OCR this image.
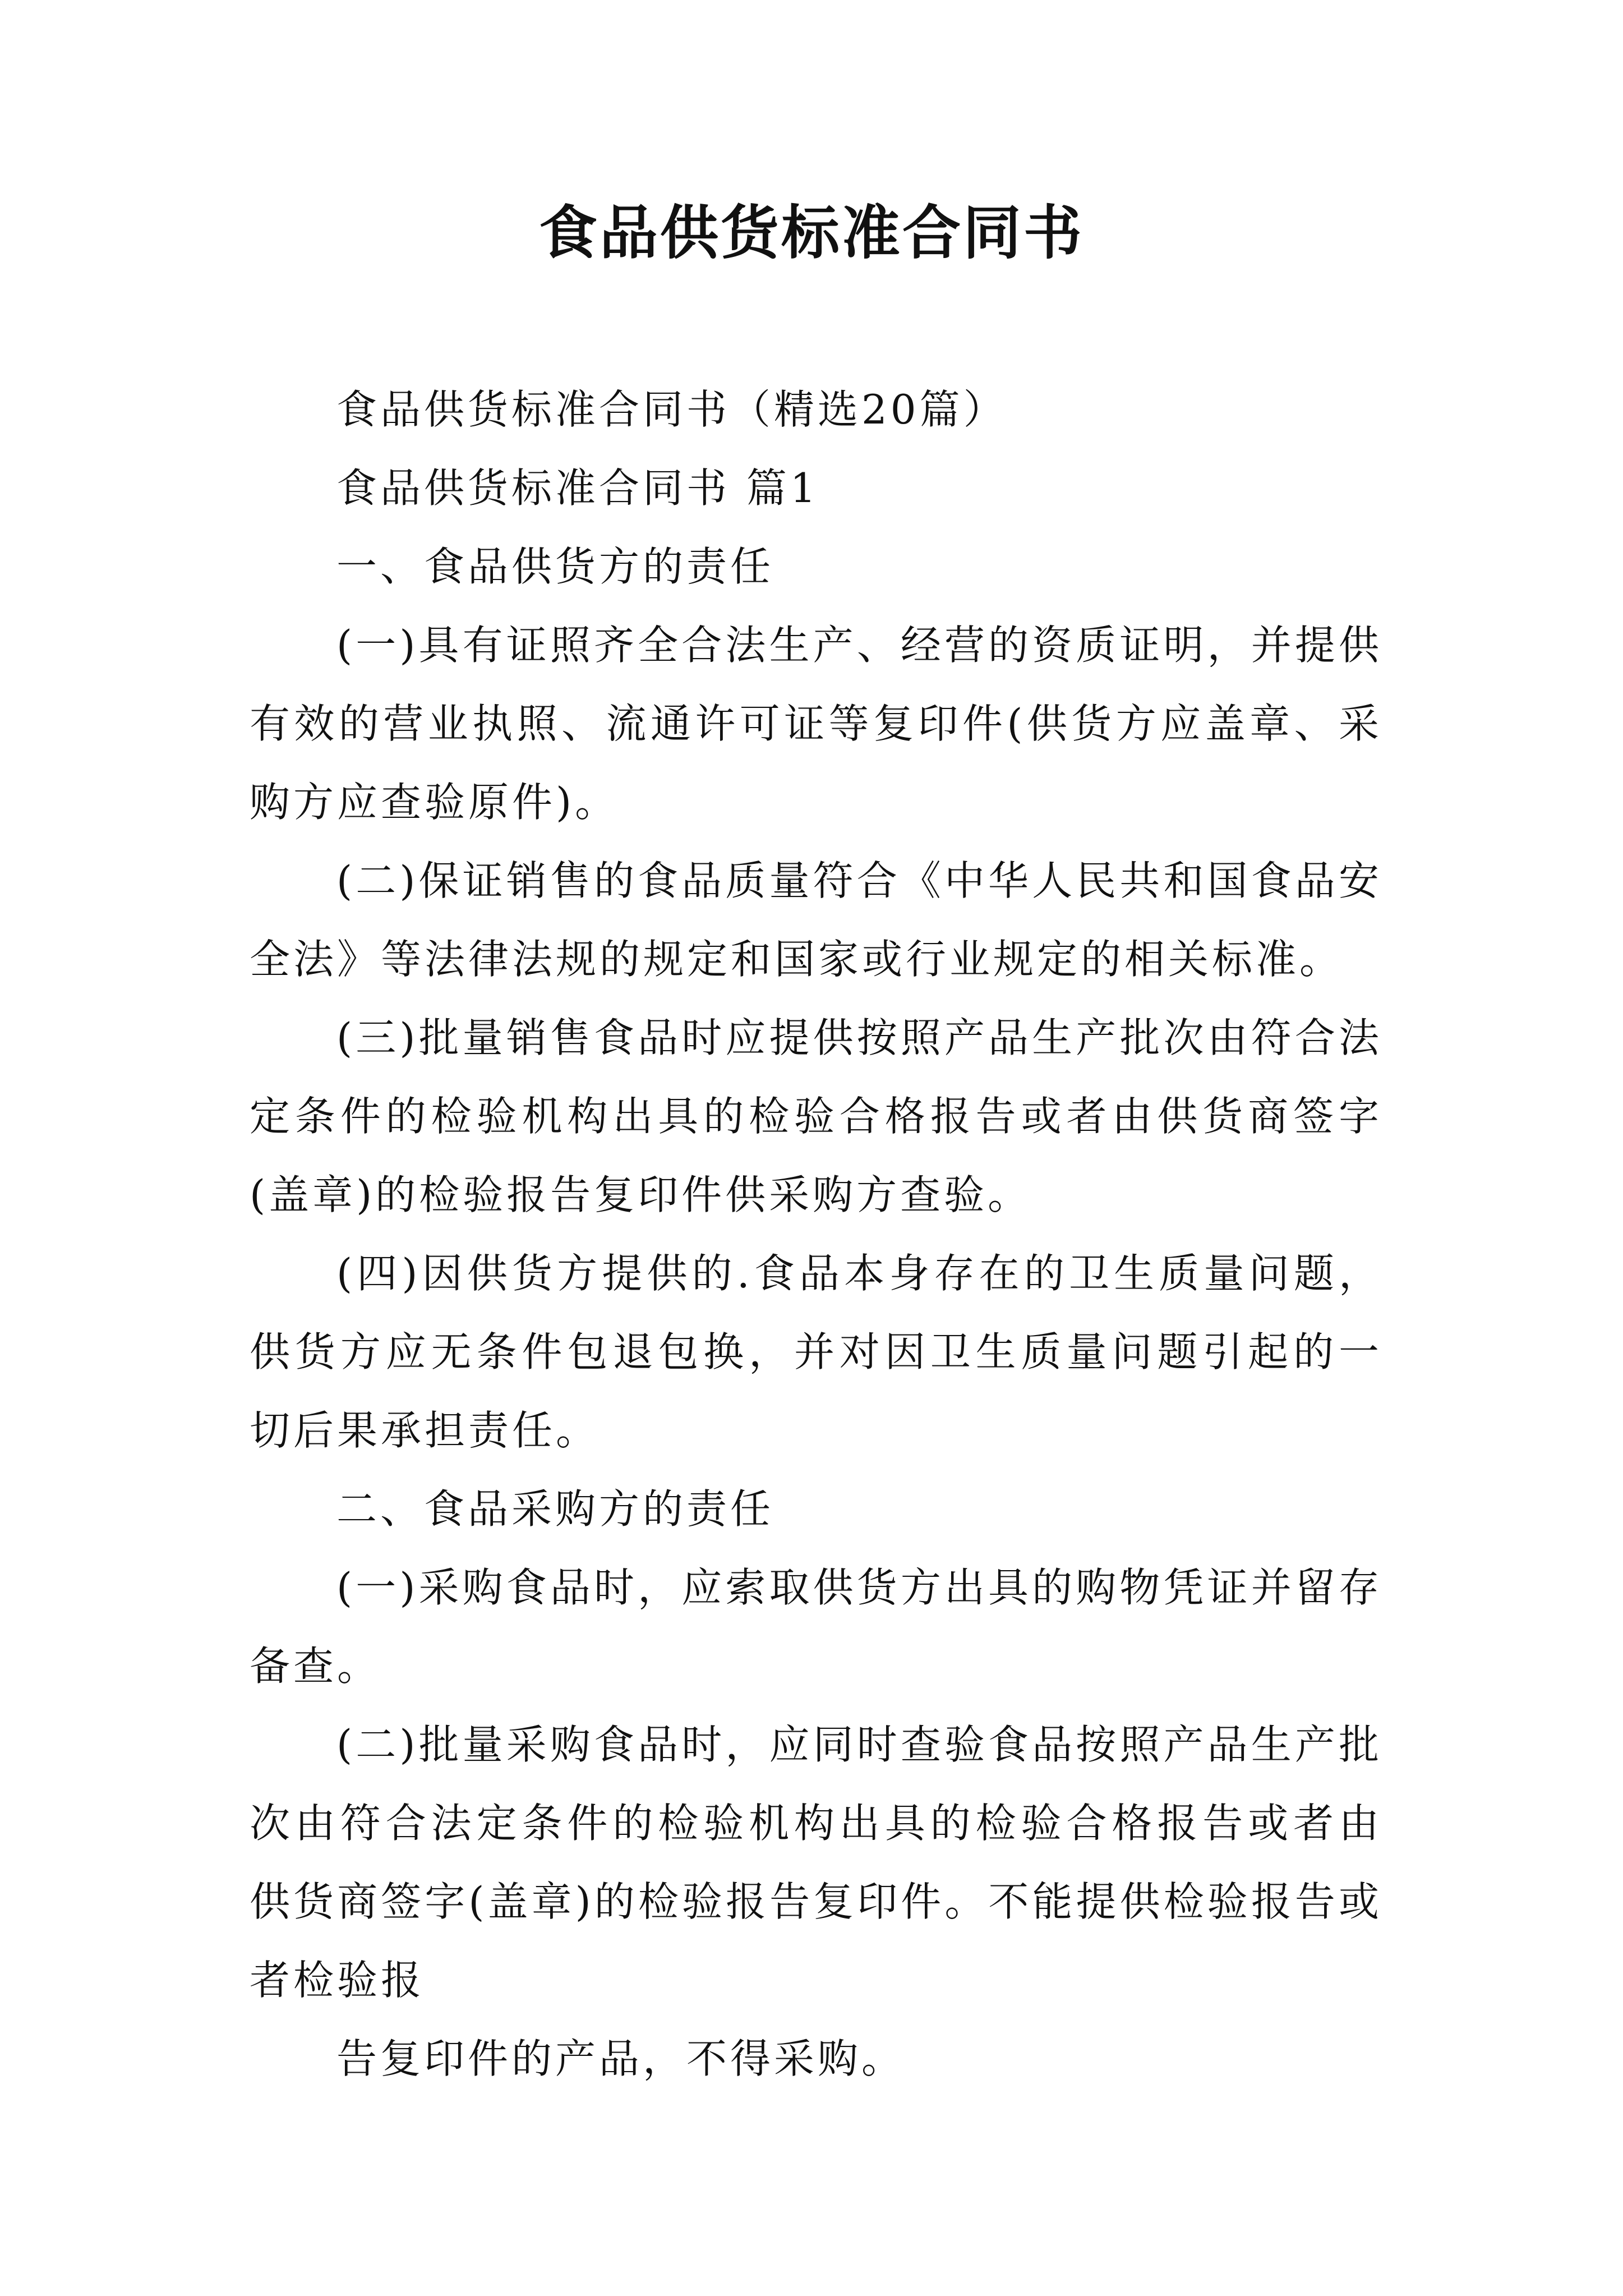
食品供货标准合同书

食品供货标准合同书（精选20篇）

食品供货标准合同书 篇1

一、食品供货方的责任

(一)具有证照齐全合法生产、经营的资质证明，并提供有效的营业执照、流通许可证等复印件(供货方应盖章、采购方应查验原件)。

(二)保证销售的食品质量符合《中华人民共和国食品安全法》等法律法规的规定和国家或行业规定的相关标准。

(三)批量销售食品时应提供按照产品生产批次由符合法定条件的检验机构出具的检验合格报告或者由供货商签字(盖章)的检验报告复印件供采购方查验。

(四)因供货方提供的.食品本身存在的卫生质量问题，供货方应无条件包退包换，并对因卫生质量问题引起的一切后果承担责任。

二、食品采购方的责任

(一)采购食品时，应索取供货方出具的购物凭证并留存备查。

(二)批量采购食品时，应同时查验食品按照产品生产批次由符合法定条件的检验机构出具的检验合格报告或者由供货商签字(盖章)的检验报告复印件。不能提供检验报告或者检验报

告复印件的产品，不得采购。
